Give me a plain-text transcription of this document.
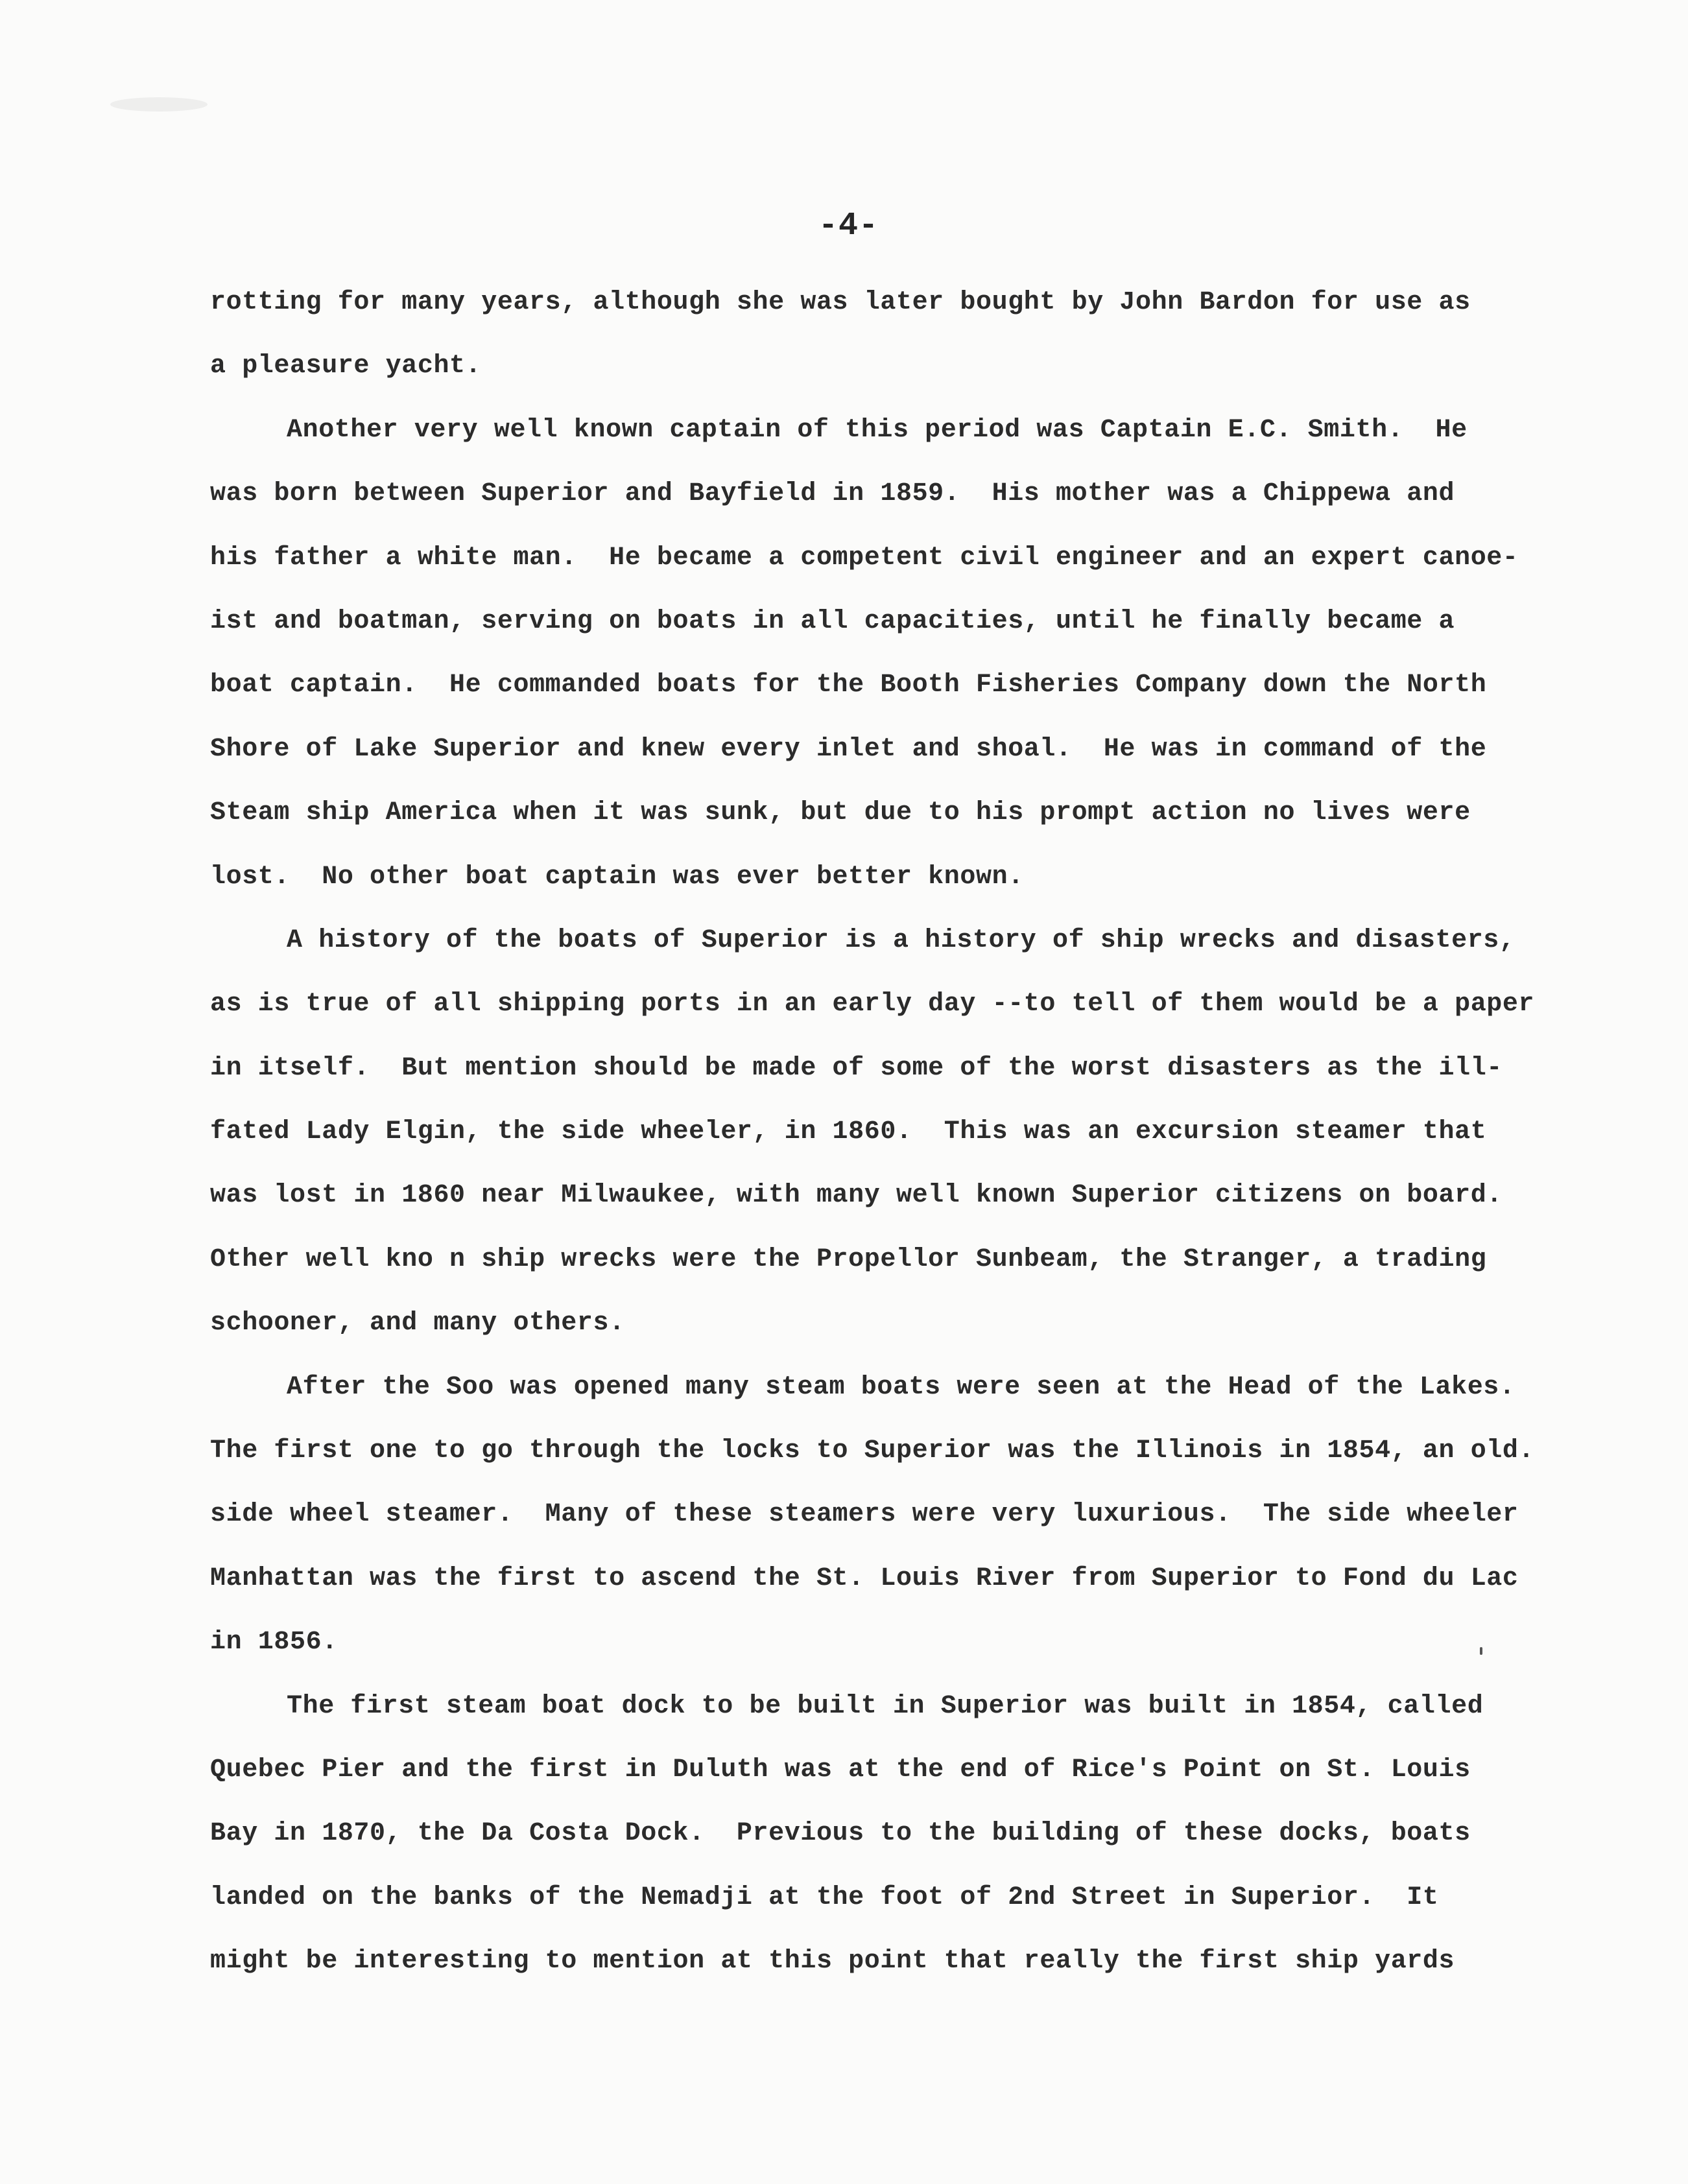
-4-
rotting for many years, although she was later bought by John Bardon for use as
a pleasure yacht.
Another very well known captain of this period was Captain E.C. Smith.  He
was born between Superior and Bayfield in 1859.  His mother was a Chippewa and
his father a white man.  He became a competent civil engineer and an expert canoe-
ist and boatman, serving on boats in all capacities, until he finally became a
boat captain.  He commanded boats for the Booth Fisheries Company down the North
Shore of Lake Superior and knew every inlet and shoal.  He was in command of the
Steam ship America when it was sunk, but due to his prompt action no lives were
lost.  No other boat captain was ever better known.
A history of the boats of Superior is a history of ship wrecks and disasters,
as is true of all shipping ports in an early day --to tell of them would be a paper
in itself.  But mention should be made of some of the worst disasters as the ill-
fated Lady Elgin, the side wheeler, in 1860.  This was an excursion steamer that
was lost in 1860 near Milwaukee, with many well known Superior citizens on board.
Other well kno n ship wrecks were the Propellor Sunbeam, the Stranger, a trading
schooner, and many others.
After the Soo was opened many steam boats were seen at the Head of the Lakes.
The first one to go through the locks to Superior was the Illinois in 1854, an old.
side wheel steamer.  Many of these steamers were very luxurious.  The side wheeler
Manhattan was the first to ascend the St. Louis River from Superior to Fond du Lac
in 1856.
The first steam boat dock to be built in Superior was built in 1854, called
Quebec Pier and the first in Duluth was at the end of Rice's Point on St. Louis
Bay in 1870, the Da Costa Dock.  Previous to the building of these docks, boats
landed on the banks of the Nemadji at the foot of 2nd Street in Superior.  It
might be interesting to mention at this point that really the first ship yards
